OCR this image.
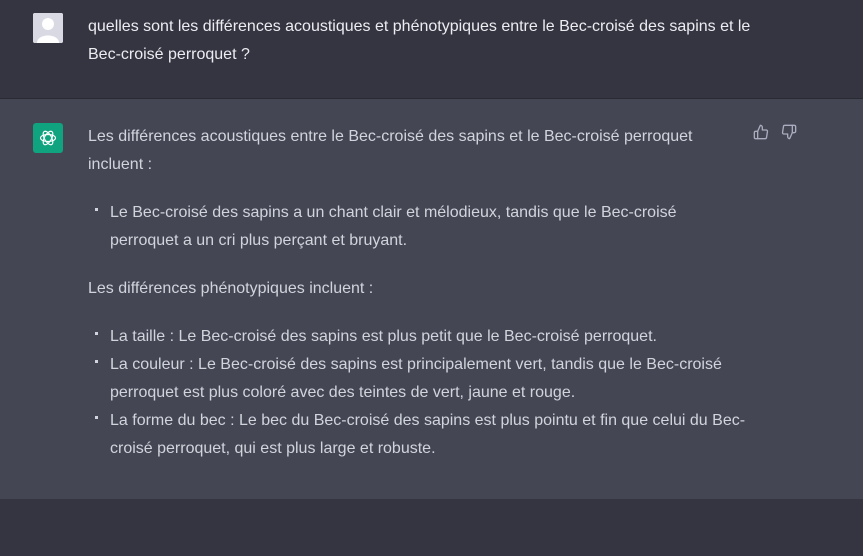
quelles sont les différences acoustiques et phénotypiques entre le Bec-croisé des sapins et le Bec-croisé perroquet ?

Les différences acoustiques entre le Bec-croisé des sapins et le Bec-croisé perroquet incluent :

Le Bec-croisé des sapins a un chant clair et mélodieux, tandis que le Bec-croisé perroquet a un cri plus perçant et bruyant.

Les différences phénotypiques incluent :

La taille : Le Bec-croisé des sapins est plus petit que le Bec-croisé perroquet.
La couleur : Le Bec-croisé des sapins est principalement vert, tandis que le Bec-croisé perroquet est plus coloré avec des teintes de vert, jaune et rouge.
La forme du bec : Le bec du Bec-croisé des sapins est plus pointu et fin que celui du Bec-croisé perroquet, qui est plus large et robuste.
